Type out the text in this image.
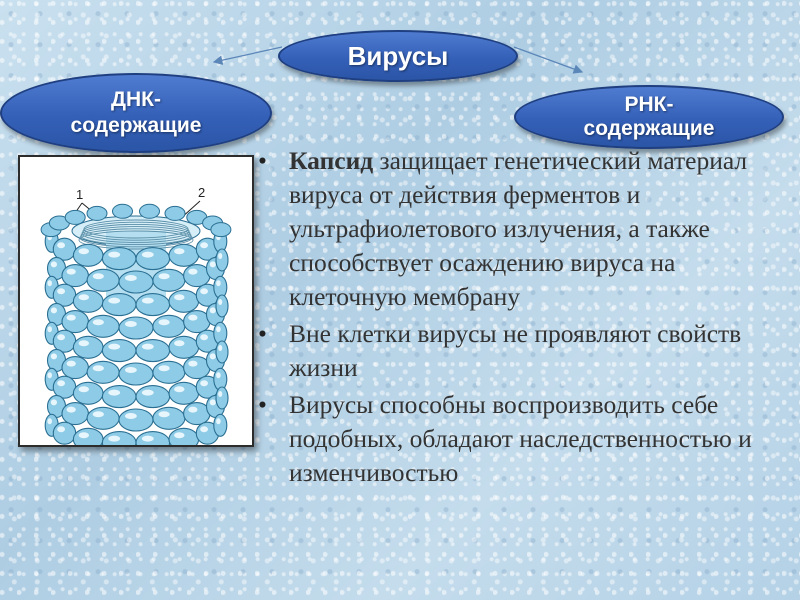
Вирусы
ДНК-
содержащие
РНК-
содержащие
1	2
• Капсид защищает генетический материал вируса от действия ферментов и ультрафиолетового излучения, а также способствует осаждению вируса на клеточную мембрану
• Вне клетки вирусы не проявляют свойств жизни
• Вирусы способны воспроизводить себе подобных, обладают наследственностью и изменчивостью
